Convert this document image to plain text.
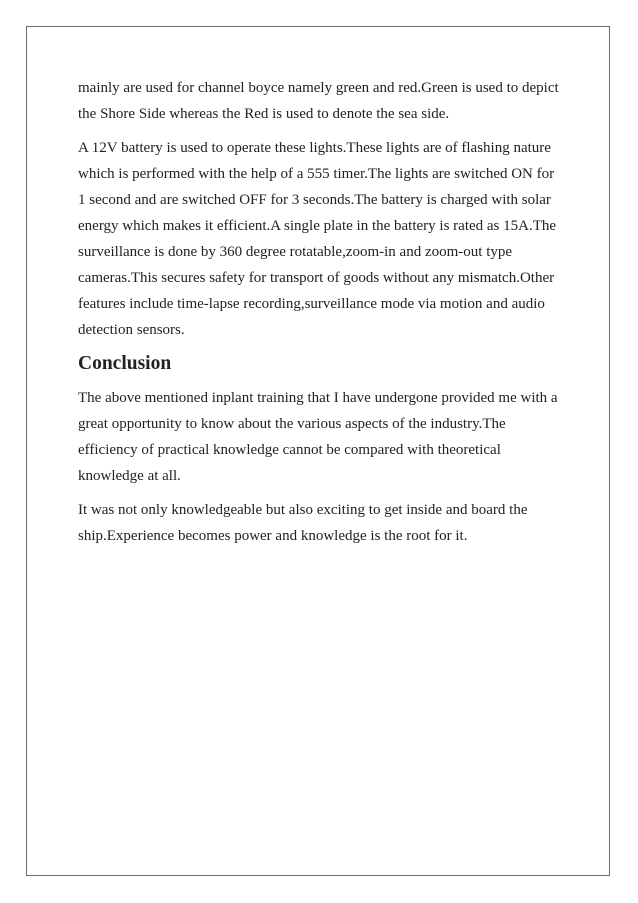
mainly are used for channel boyce namely green and red.Green is used to depict
the Shore Side whereas the Red is used to denote the sea side.
A 12V battery is used to operate these lights.These lights are of flashing nature
which is performed with the help of a 555 timer.The lights are switched ON for
1 second and are switched OFF for 3 seconds.The battery is charged with solar
energy which makes it efficient.A single plate in the battery is rated as 15A.The
surveillance is done by 360 degree rotatable,zoom-in and zoom-out type
cameras.This secures safety for transport of goods without any mismatch.Other
features include time-lapse recording,surveillance mode via motion and audio
detection sensors.
Conclusion
The above mentioned inplant training that I have undergone provided me with a
great opportunity to know about the various aspects of the industry.The
efficiency of practical knowledge cannot be compared with theoretical
knowledge at all.
It was not only knowledgeable but also exciting to get inside and board the
ship.Experience becomes power and knowledge is the root for it.
